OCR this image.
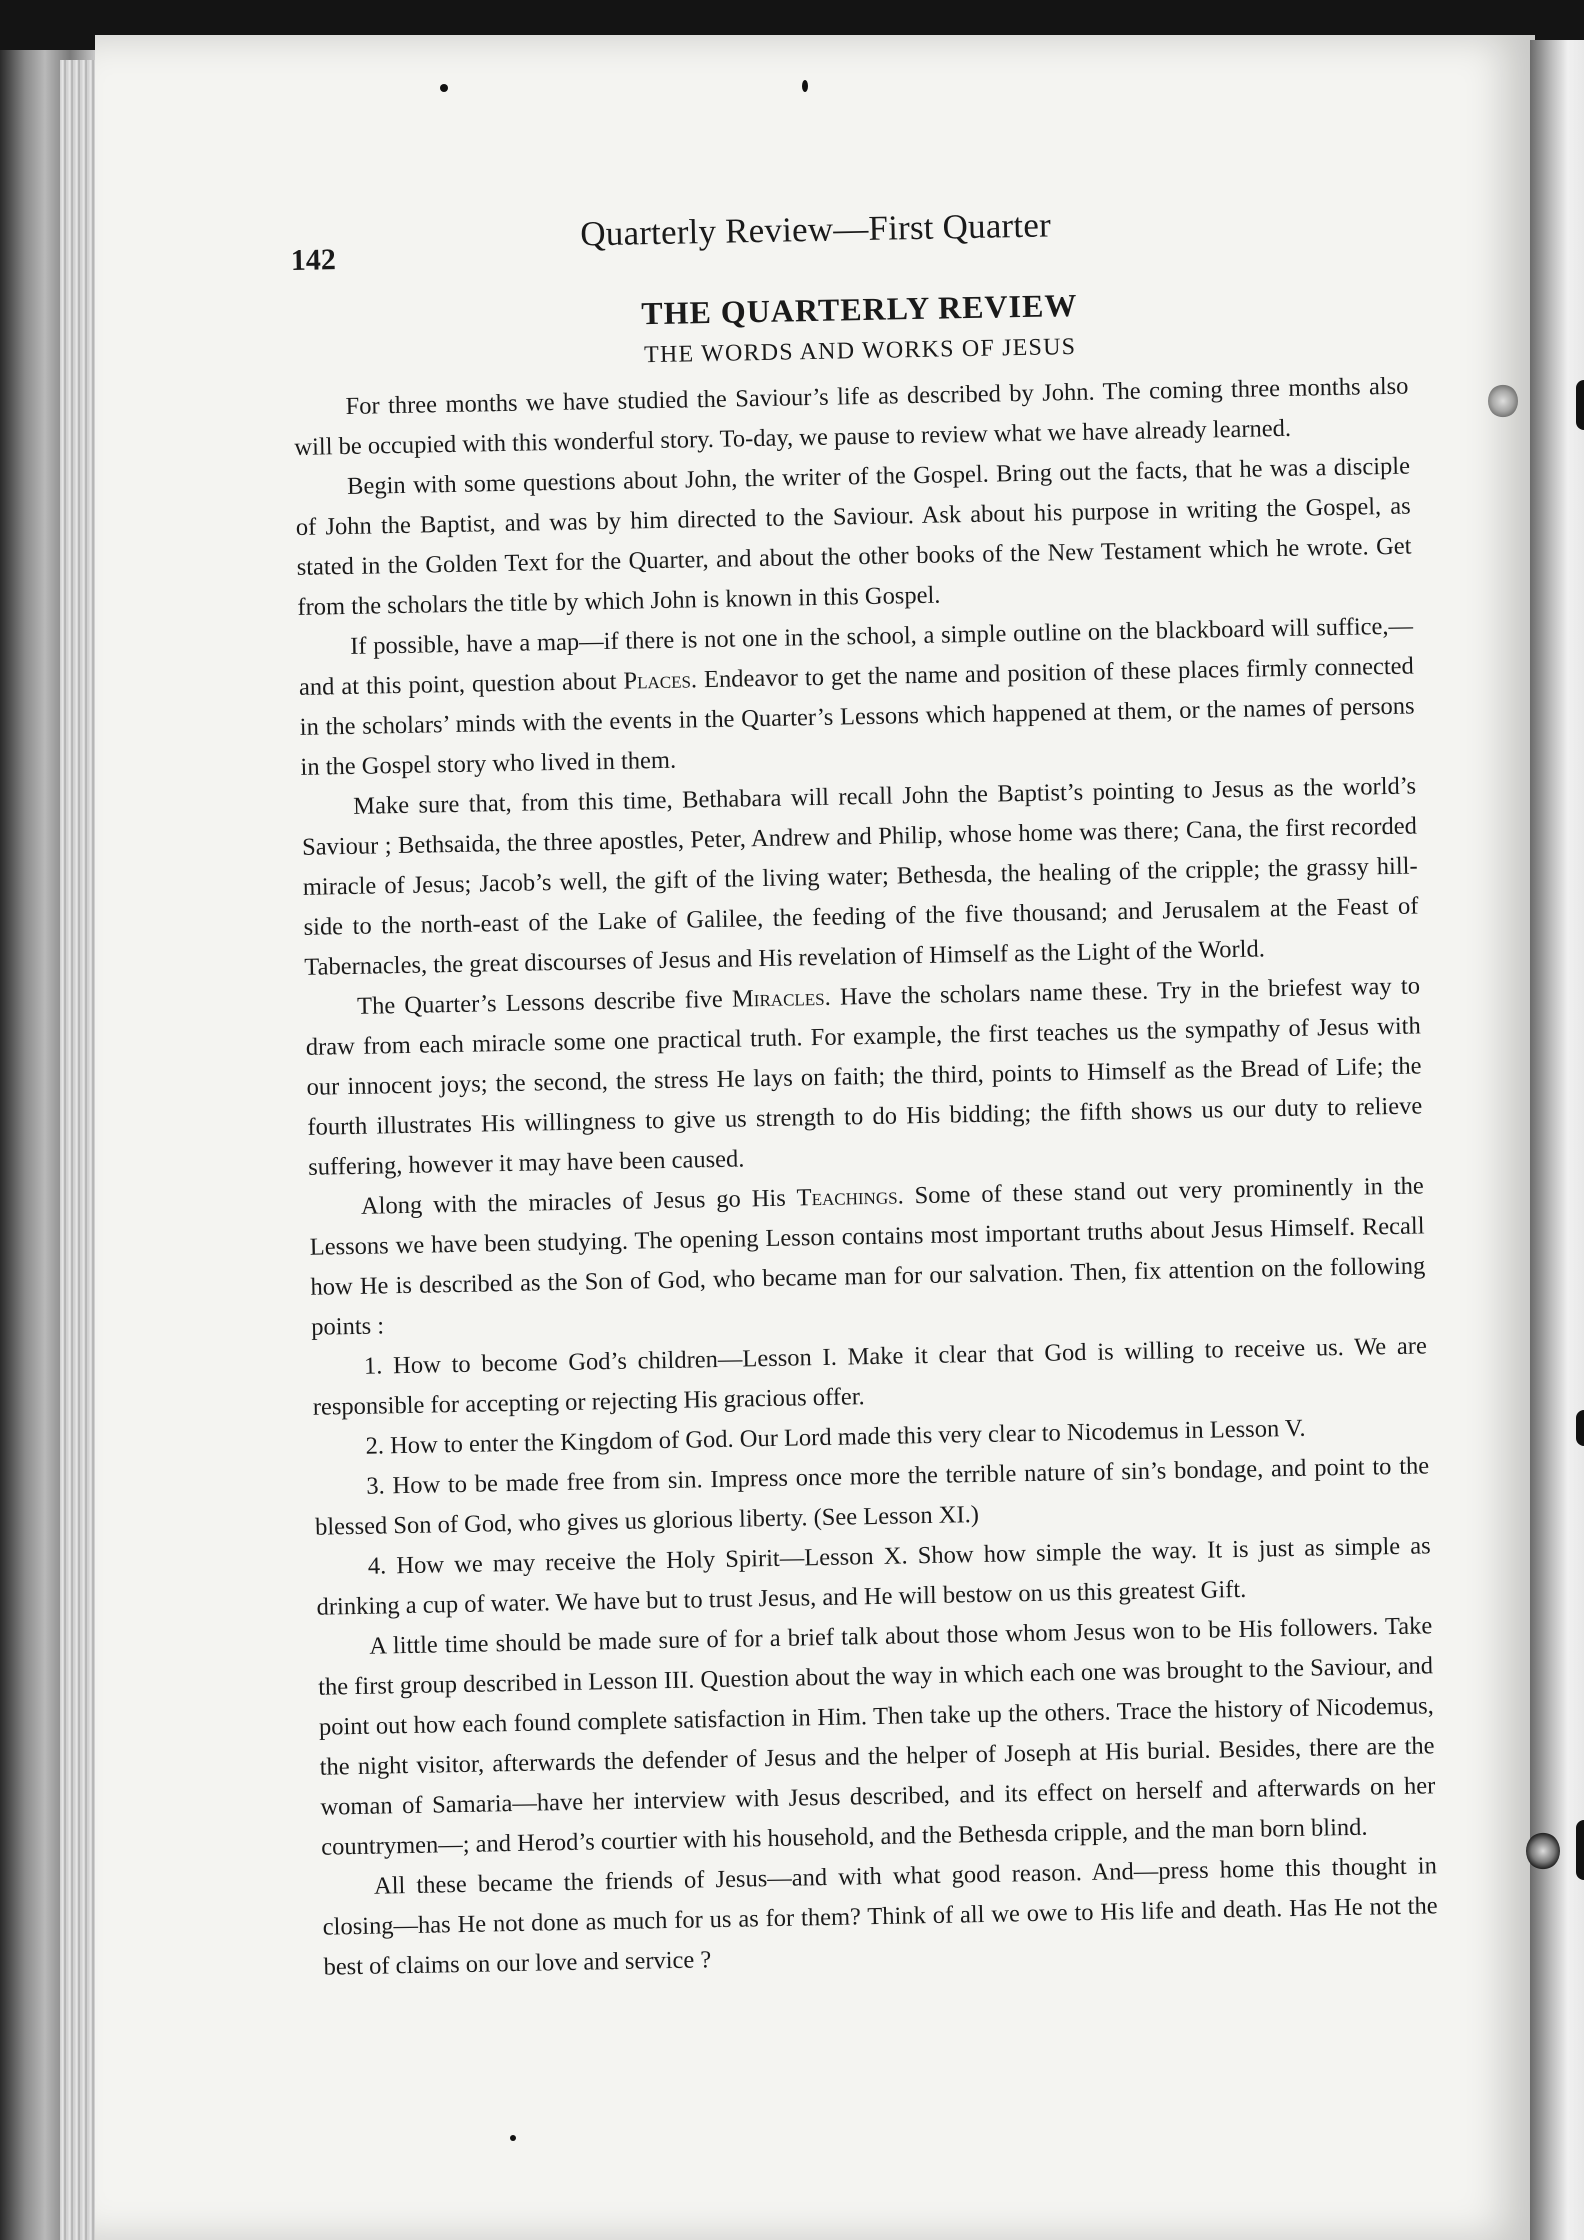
142
Quarterly Review—First Quarter
THE QUARTERLY REVIEW
THE WORDS AND WORKS OF JESUS

For three months we have studied the Saviour’s life as described by John. The coming three months also will be occupied with this wonderful story. To-day, we pause to review what we have already learned.

Begin with some questions about John, the writer of the Gospel. Bring out the facts, that he was a disciple of John the Baptist, and was by him directed to the Saviour. Ask about his purpose in writing the Gospel, as stated in the Golden Text for the Quarter, and about the other books of the New Testament which he wrote. Get from the scholars the title by which John is known in this Gospel.

If possible, have a map—if there is not one in the school, a simple outline on the blackboard will suffice,—and at this point, question about Places. Endeavor to get the name and position of these places firmly connected in the scholars’ minds with the events in the Quarter’s Lessons which happened at them, or the names of persons in the Gospel story who lived in them.

Make sure that, from this time, Bethabara will recall John the Baptist’s pointing to Jesus as the world’s Saviour ; Bethsaida, the three apostles, Peter, Andrew and Philip, whose home was there; Cana, the first recorded miracle of Jesus; Jacob’s well, the gift of the living water; Bethesda, the healing of the cripple; the grassy hill-side to the north-east of the Lake of Galilee, the feeding of the five thousand; and Jerusalem at the Feast of Tabernacles, the great discourses of Jesus and His revelation of Himself as the Light of the World.

The Quarter’s Lessons describe five Miracles. Have the scholars name these. Try in the briefest way to draw from each miracle some one practical truth. For example, the first teaches us the sympathy of Jesus with our innocent joys; the second, the stress He lays on faith; the third, points to Himself as the Bread of Life; the fourth illustrates His willingness to give us strength to do His bidding; the fifth shows us our duty to relieve suffering, however it may have been caused.

Along with the miracles of Jesus go His Teachings. Some of these stand out very prominently in the Lessons we have been studying. The opening Lesson contains most important truths about Jesus Himself. Recall how He is described as the Son of God, who became man for our salvation. Then, fix attention on the following points :

1. How to become God’s children—Lesson I. Make it clear that God is willing to receive us. We are responsible for accepting or rejecting His gracious offer.

2. How to enter the Kingdom of God. Our Lord made this very clear to Nicodemus in Lesson V.

3. How to be made free from sin. Impress once more the terrible nature of sin’s bondage, and point to the blessed Son of God, who gives us glorious liberty. (See Lesson XI.)

4. How we may receive the Holy Spirit—Lesson X. Show how simple the way. It is just as simple as drinking a cup of water. We have but to trust Jesus, and He will bestow on us this greatest Gift.

A little time should be made sure of for a brief talk about those whom Jesus won to be His followers. Take the first group described in Lesson III. Question about the way in which each one was brought to the Saviour, and point out how each found complete satisfaction in Him. Then take up the others. Trace the history of Nicodemus, the night visitor, afterwards the defender of Jesus and the helper of Joseph at His burial. Besides, there are the woman of Samaria—have her interview with Jesus described, and its effect on herself and afterwards on her countrymen—; and Herod’s courtier with his household, and the Bethesda cripple, and the man born blind.

All these became the friends of Jesus—and with what good reason. And—press home this thought in closing—has He not done as much for us as for them? Think of all we owe to His life and death. Has He not the best of claims on our love and service ?
